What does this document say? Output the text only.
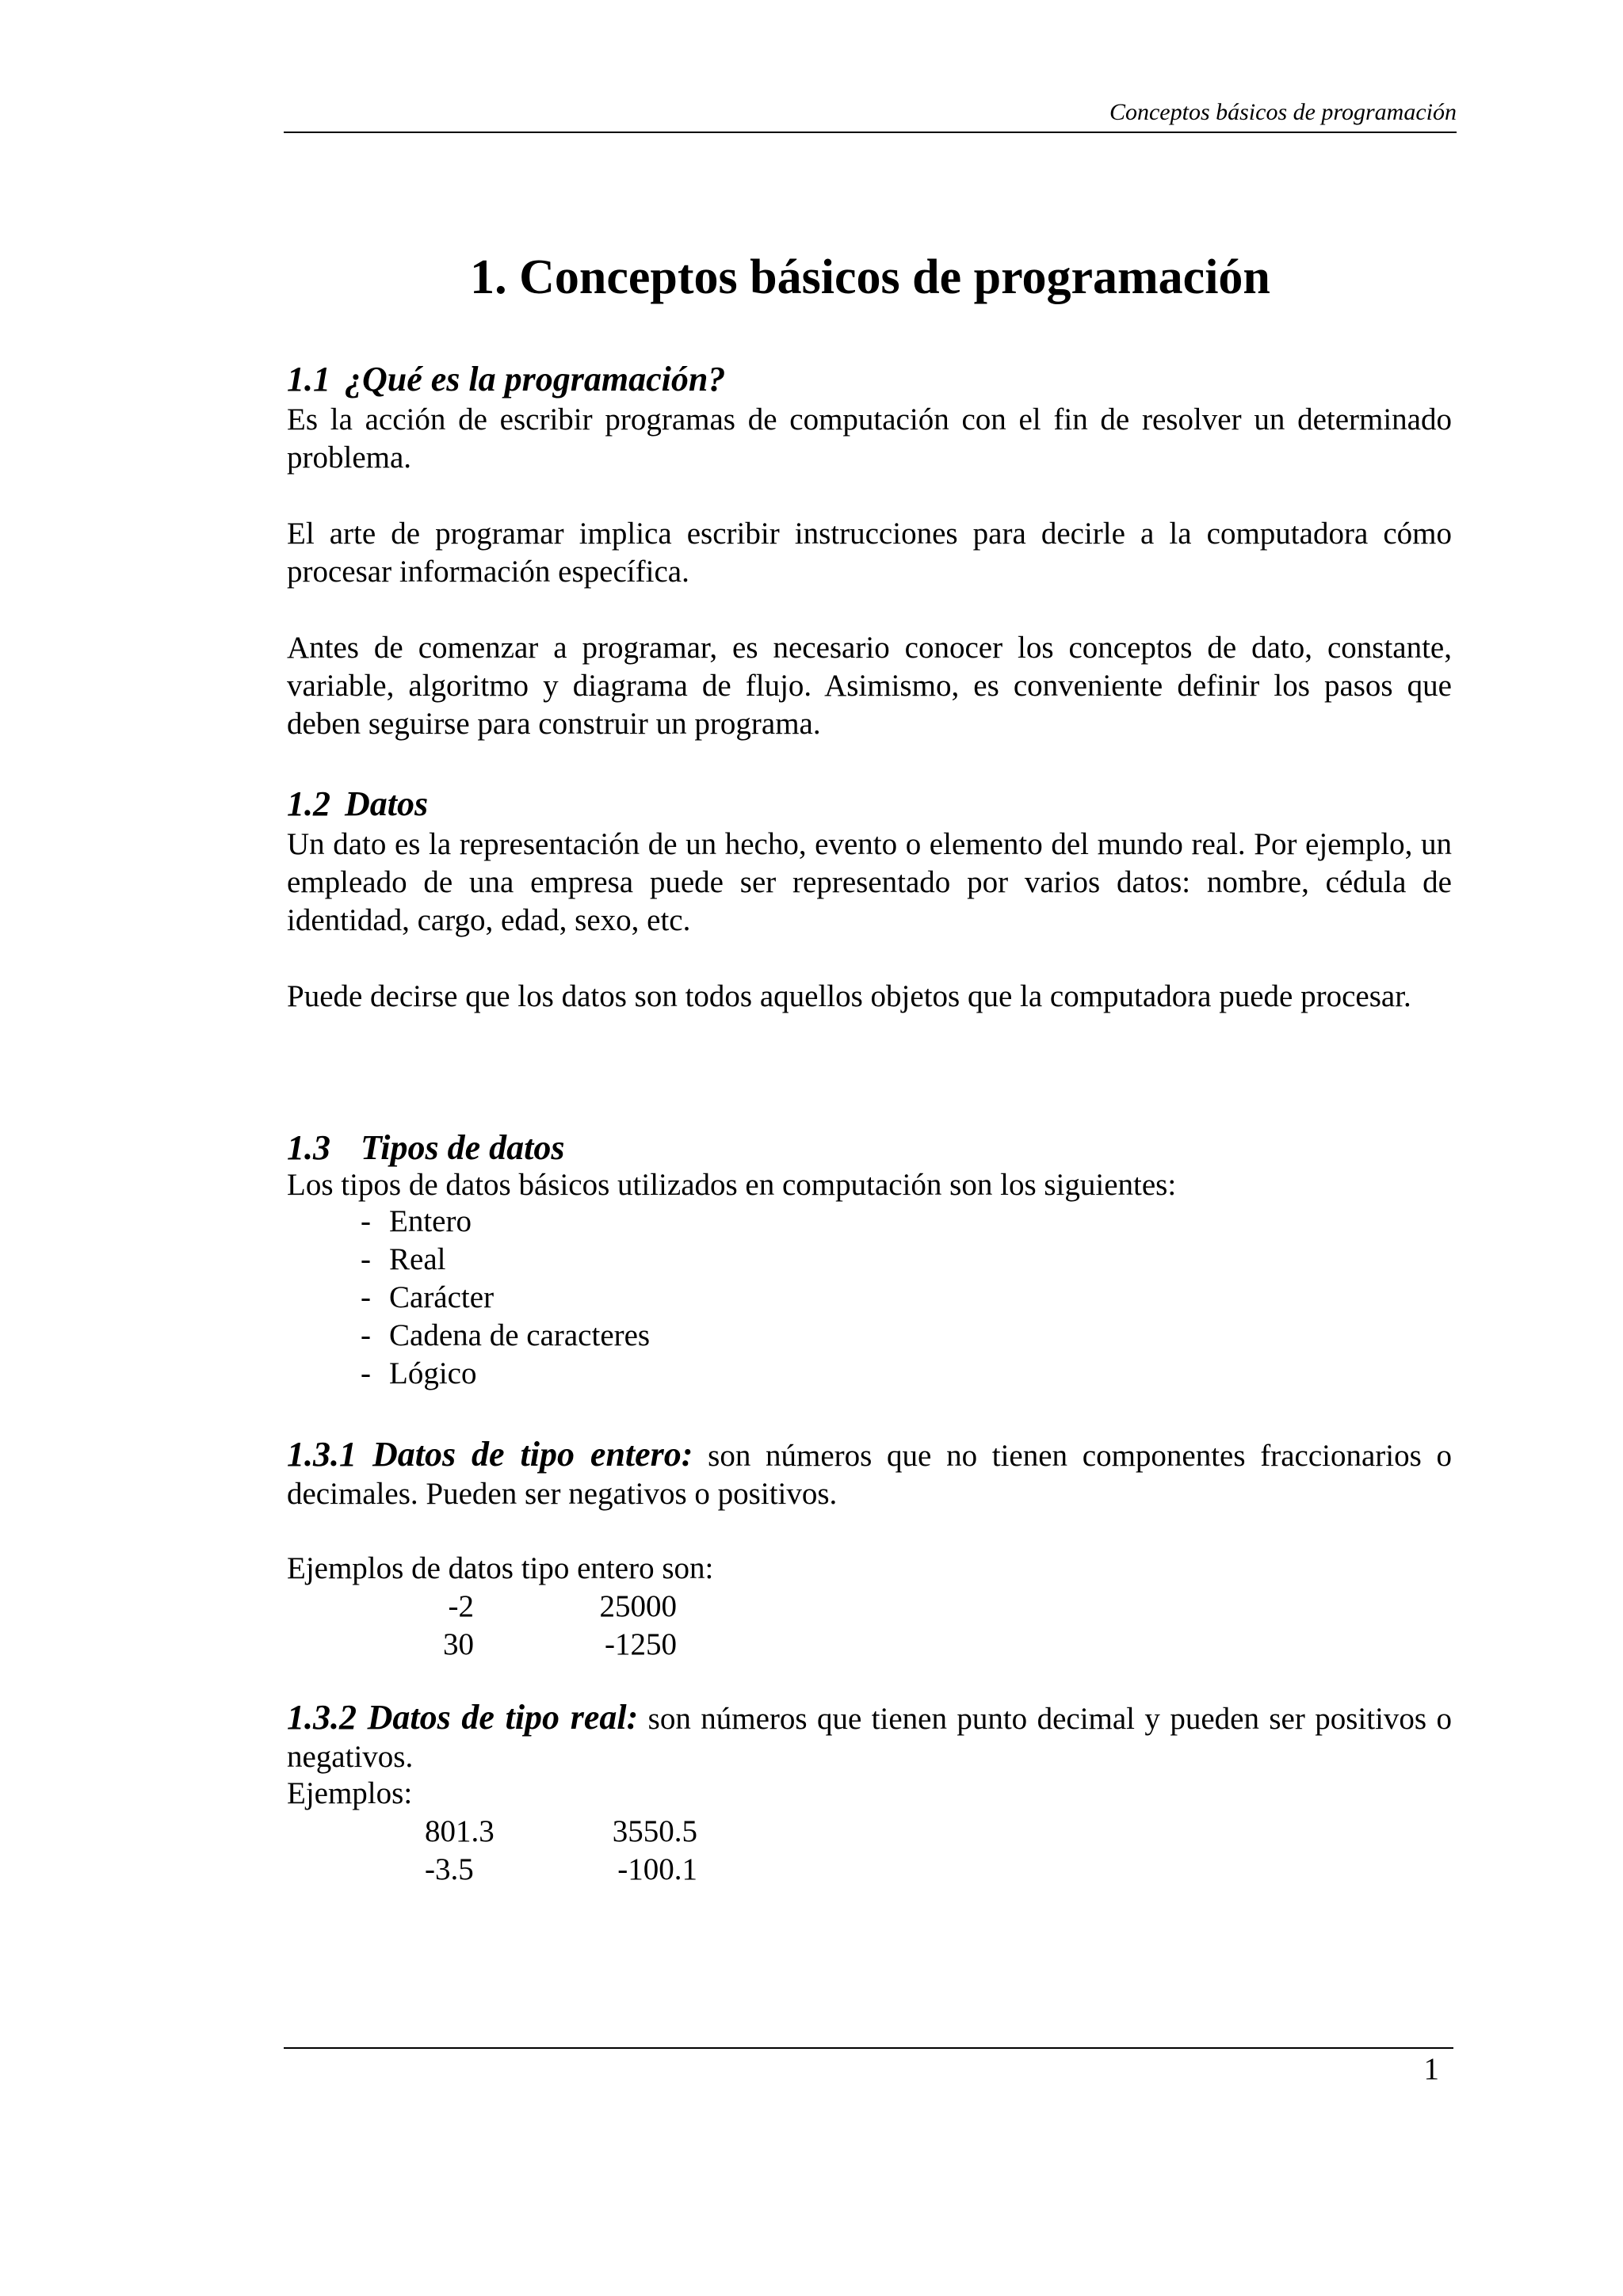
Conceptos básicos de programación
1. Conceptos básicos de programación
1.1 ¿Qué es la programación?

Es la acción de escribir programas de computación con el fin de resolver un determinado problema.

El arte de programar implica escribir instrucciones para decirle a la computadora cómo procesar información específica.

Antes de comenzar a programar, es necesario conocer los conceptos de dato, constante, variable, algoritmo y diagrama de flujo. Asimismo, es conveniente definir los pasos que deben seguirse para construir un programa.

1.2 Datos

Un dato es la representación de un hecho, evento o elemento del mundo real. Por ejemplo, un empleado de una empresa puede ser representado por varios datos: nombre, cédula de identidad, cargo, edad, sexo, etc.

Puede decirse que los datos son todos aquellos objetos que la computadora puede procesar.

1.3 Tipos de datos

Los tipos de datos básicos utilizados en computación son los siguientes:

- Entero
- Real
- Carácter
- Cadena de caracteres
- Lógico

1.3.1 Datos de tipo entero: son números que no tienen componentes fraccionarios o decimales. Pueden ser negativos o positivos.

Ejemplos de datos tipo entero son:

-2	25000
30	-1250

1.3.2 Datos de tipo real: son números que tienen punto decimal y pueden ser positivos o negativos.

Ejemplos:

801.3	3550.5
-3.5	-100.1
1
